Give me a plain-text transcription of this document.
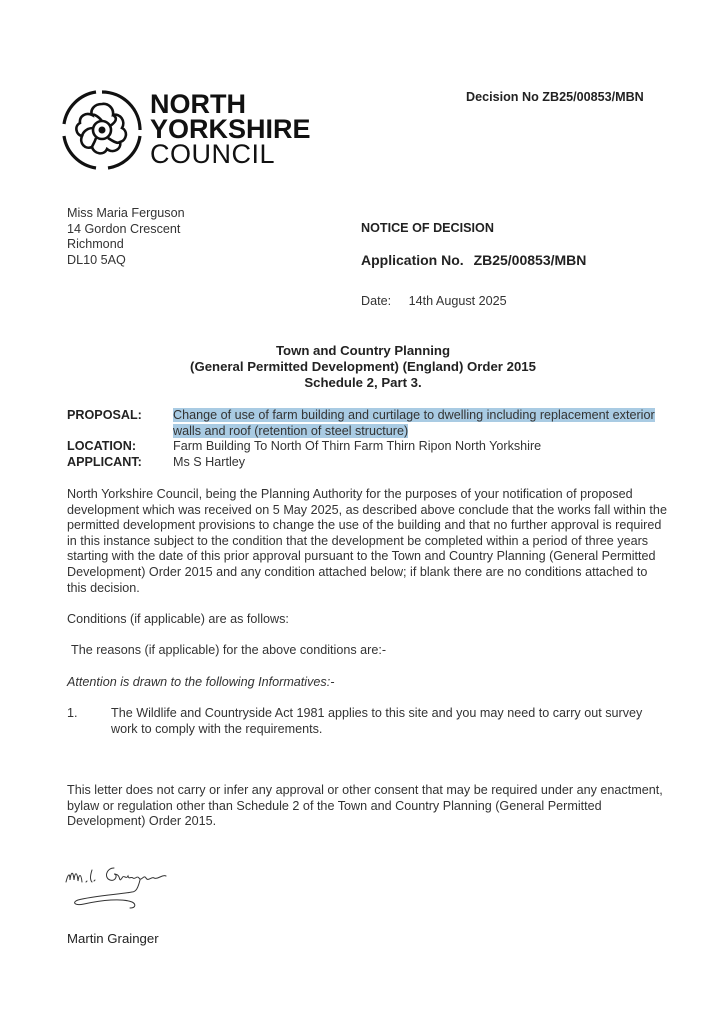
NORTH
YORKSHIRE
COUNCIL
Decision No ZB25/00853/MBN
Miss Maria Ferguson
14 Gordon Crescent
Richmond
DL10 5AQ
NOTICE OF DECISION
Application No. ZB25/00853/MBN
Date: 14th August 2025
Town and Country Planning
(General Permitted Development) (England) Order 2015
Schedule 2, Part 3.
PROPOSAL:	Change of use of farm building and curtilage to dwelling including replacement exterior
walls and roof (retention of steel structure)
LOCATION:	Farm Building To North Of Thirn Farm Thirn Ripon North Yorkshire
APPLICANT:	Ms S Hartley
North Yorkshire Council, being the Planning Authority for the purposes of your notification of proposed development which was received on 5 May 2025, as described above conclude that the works fall within the permitted development provisions to change the use of the building and that no further approval is required in this instance subject to the condition that the development be completed within a period of three years starting with the date of this prior approval pursuant to the Town and Country Planning (General Permitted Development) Order 2015 and any condition attached below; if blank there are no conditions attached to this decision.
Conditions (if applicable) are as follows:
The reasons (if applicable) for the above conditions are:-
Attention is drawn to the following Informatives:-
1.	The Wildlife and Countryside Act 1981 applies to this site and you may need to carry out survey work to comply with the requirements.
This letter does not carry or infer any approval or other consent that may be required under any enactment, bylaw or regulation other than Schedule 2 of the Town and Country Planning (General Permitted Development) Order 2015.
Martin Grainger
